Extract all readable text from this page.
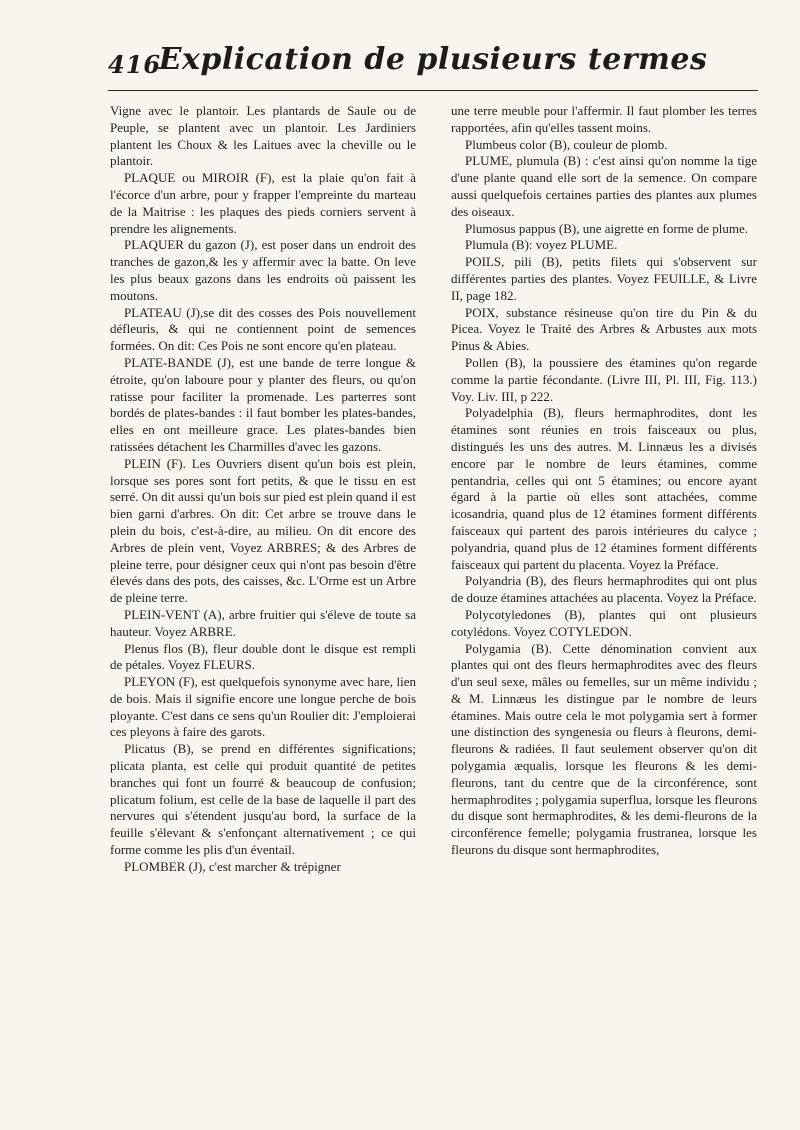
416
Explication de plusieurs termes

Vigne avec le plantoir. Les plantards de Saule ou de Peuple, se plantent avec un plantoir. Les Jardiniers plantent les Choux & les Laitues avec la cheville ou le plantoir.

PLAQUE ou MIROIR (F), est la plaie qu'on fait à l'écorce d'un arbre, pour y frapper l'empreinte du marteau de la Maitrise : les plaques des pieds corniers servent à prendre les alignements.

PLAQUER du gazon (J), est poser dans un endroit des tranches de gazon,& les y affermir avec la batte. On leve les plus beaux gazons dans les endroits où paissent les moutons.

PLATEAU (J),se dit des cosses des Pois nouvellement défleuris, & qui ne contiennent point de semences formées. On dit: Ces Pois ne sont encore qu'en plateau.

PLATE-BANDE (J), est une bande de terre longue & étroite, qu'on laboure pour y planter des fleurs, ou qu'on ratisse pour faciliter la promenade. Les parterres sont bordés de plates-bandes : il faut bomber les plates-bandes, elles en ont meilleure grace. Les plates-bandes bien ratissées détachent les Charmilles d'avec les gazons.

PLEIN (F). Les Ouvriers disent qu'un bois est plein, lorsque ses pores sont fort petits, & que le tissu en est serré. On dit aussi qu'un bois sur pied est plein quand il est bien garni d'arbres. On dit: Cet arbre se trouve dans le plein du bois, c'est-à-dire, au milieu. On dit encore des Arbres de plein vent, Voyez ARBRES; & des Arbres de pleine terre, pour désigner ceux qui n'ont pas besoin d'être élevés dans des pots, des caisses, &c. L'Orme est un Arbre de pleine terre.

PLEIN-VENT (A), arbre fruitier qui s'éleve de toute sa hauteur. Voyez ARBRE.

Plenus flos (B), fleur double dont le disque est rempli de pétales. Voyez FLEURS.

PLEYON (F), est quelquefois synonyme avec hare, lien de bois. Mais il signifie encore une longue perche de bois ployante. C'est dans ce sens qu'un Roulier dit: J'emploierai ces pleyons à faire des garots.

Plicatus (B), se prend en différentes significations; plicata planta, est celle qui produit quantité de petites branches qui font un fourré & beaucoup de confusion; plicatum folium, est celle de la base de laquelle il part des nervures qui s'étendent jusqu'au bord, la surface de la feuille s'élevant & s'enfonçant alternativement ; ce qui forme comme les plis d'un éventail.

PLOMBER (J), c'est marcher & trépigner

une terre meuble pour l'affermir. Il faut plomber les terres rapportées, afin qu'elles tassent moins.

Plumbeus color (B), couleur de plomb.

PLUME, plumula (B) : c'est ainsi qu'on nomme la tige d'une plante quand elle sort de la semence. On compare aussi quelquefois certaines parties des plantes aux plumes des oiseaux.

Plumosus pappus (B), une aigrette en forme de plume.

Plumula (B): voyez PLUME.

POILS, pili (B), petits filets qui s'observent sur différentes parties des plantes. Voyez FEUILLE, & Livre II, page 182.

POIX, substance résineuse qu'on tire du Pin & du Picea. Voyez le Traité des Arbres & Arbustes aux mots Pinus & Abies.

Pollen (B), la poussiere des étamines qu'on regarde comme la partie fécondante. (Livre III, Pl. III, Fig. 113.) Voy. Liv. III, p 222.

Polyadelphia (B), fleurs hermaphrodites, dont les étamines sont réunies en trois faisceaux ou plus, distingués les uns des autres. M. Linnæus les a divisés encore par le nombre de leurs étamines, comme pentandria, celles qui ont 5 étamines; ou encore ayant égard à la partie où elles sont attachées, comme icosandria, quand plus de 12 étamines forment différents faisceaux qui partent des parois intérieures du calyce ; polyandria, quand plus de 12 étamines forment différents faisceaux qui partent du placenta. Voyez la Préface.

Polyandria (B), des fleurs hermaphrodites qui ont plus de douze étamines attachées au placenta. Voyez la Préface.

Polycotyledones (B), plantes qui ont plusieurs cotylédons. Voyez COTYLEDON.

Polygamia (B). Cette dénomination convient aux plantes qui ont des fleurs hermaphrodites avec des fleurs d'un seul sexe, mâles ou femelles, sur un même individu ; & M. Linnæus les distingue par le nombre de leurs étamines. Mais outre cela le mot polygamia sert à former une distinction des syngenesia ou fleurs à fleurons, demi-fleurons & radiées. Il faut seulement observer qu'on dit polygamia æqualis, lorsque les fleurons & les demi-fleurons, tant du centre que de la circonférence, sont hermaphrodites ; polygamia superflua, lorsque les fleurons du disque sont hermaphrodites, & les demi-fleurons de la circonférence femelle; polygamia frustranea, lorsque les fleurons du disque sont hermaphrodites,
